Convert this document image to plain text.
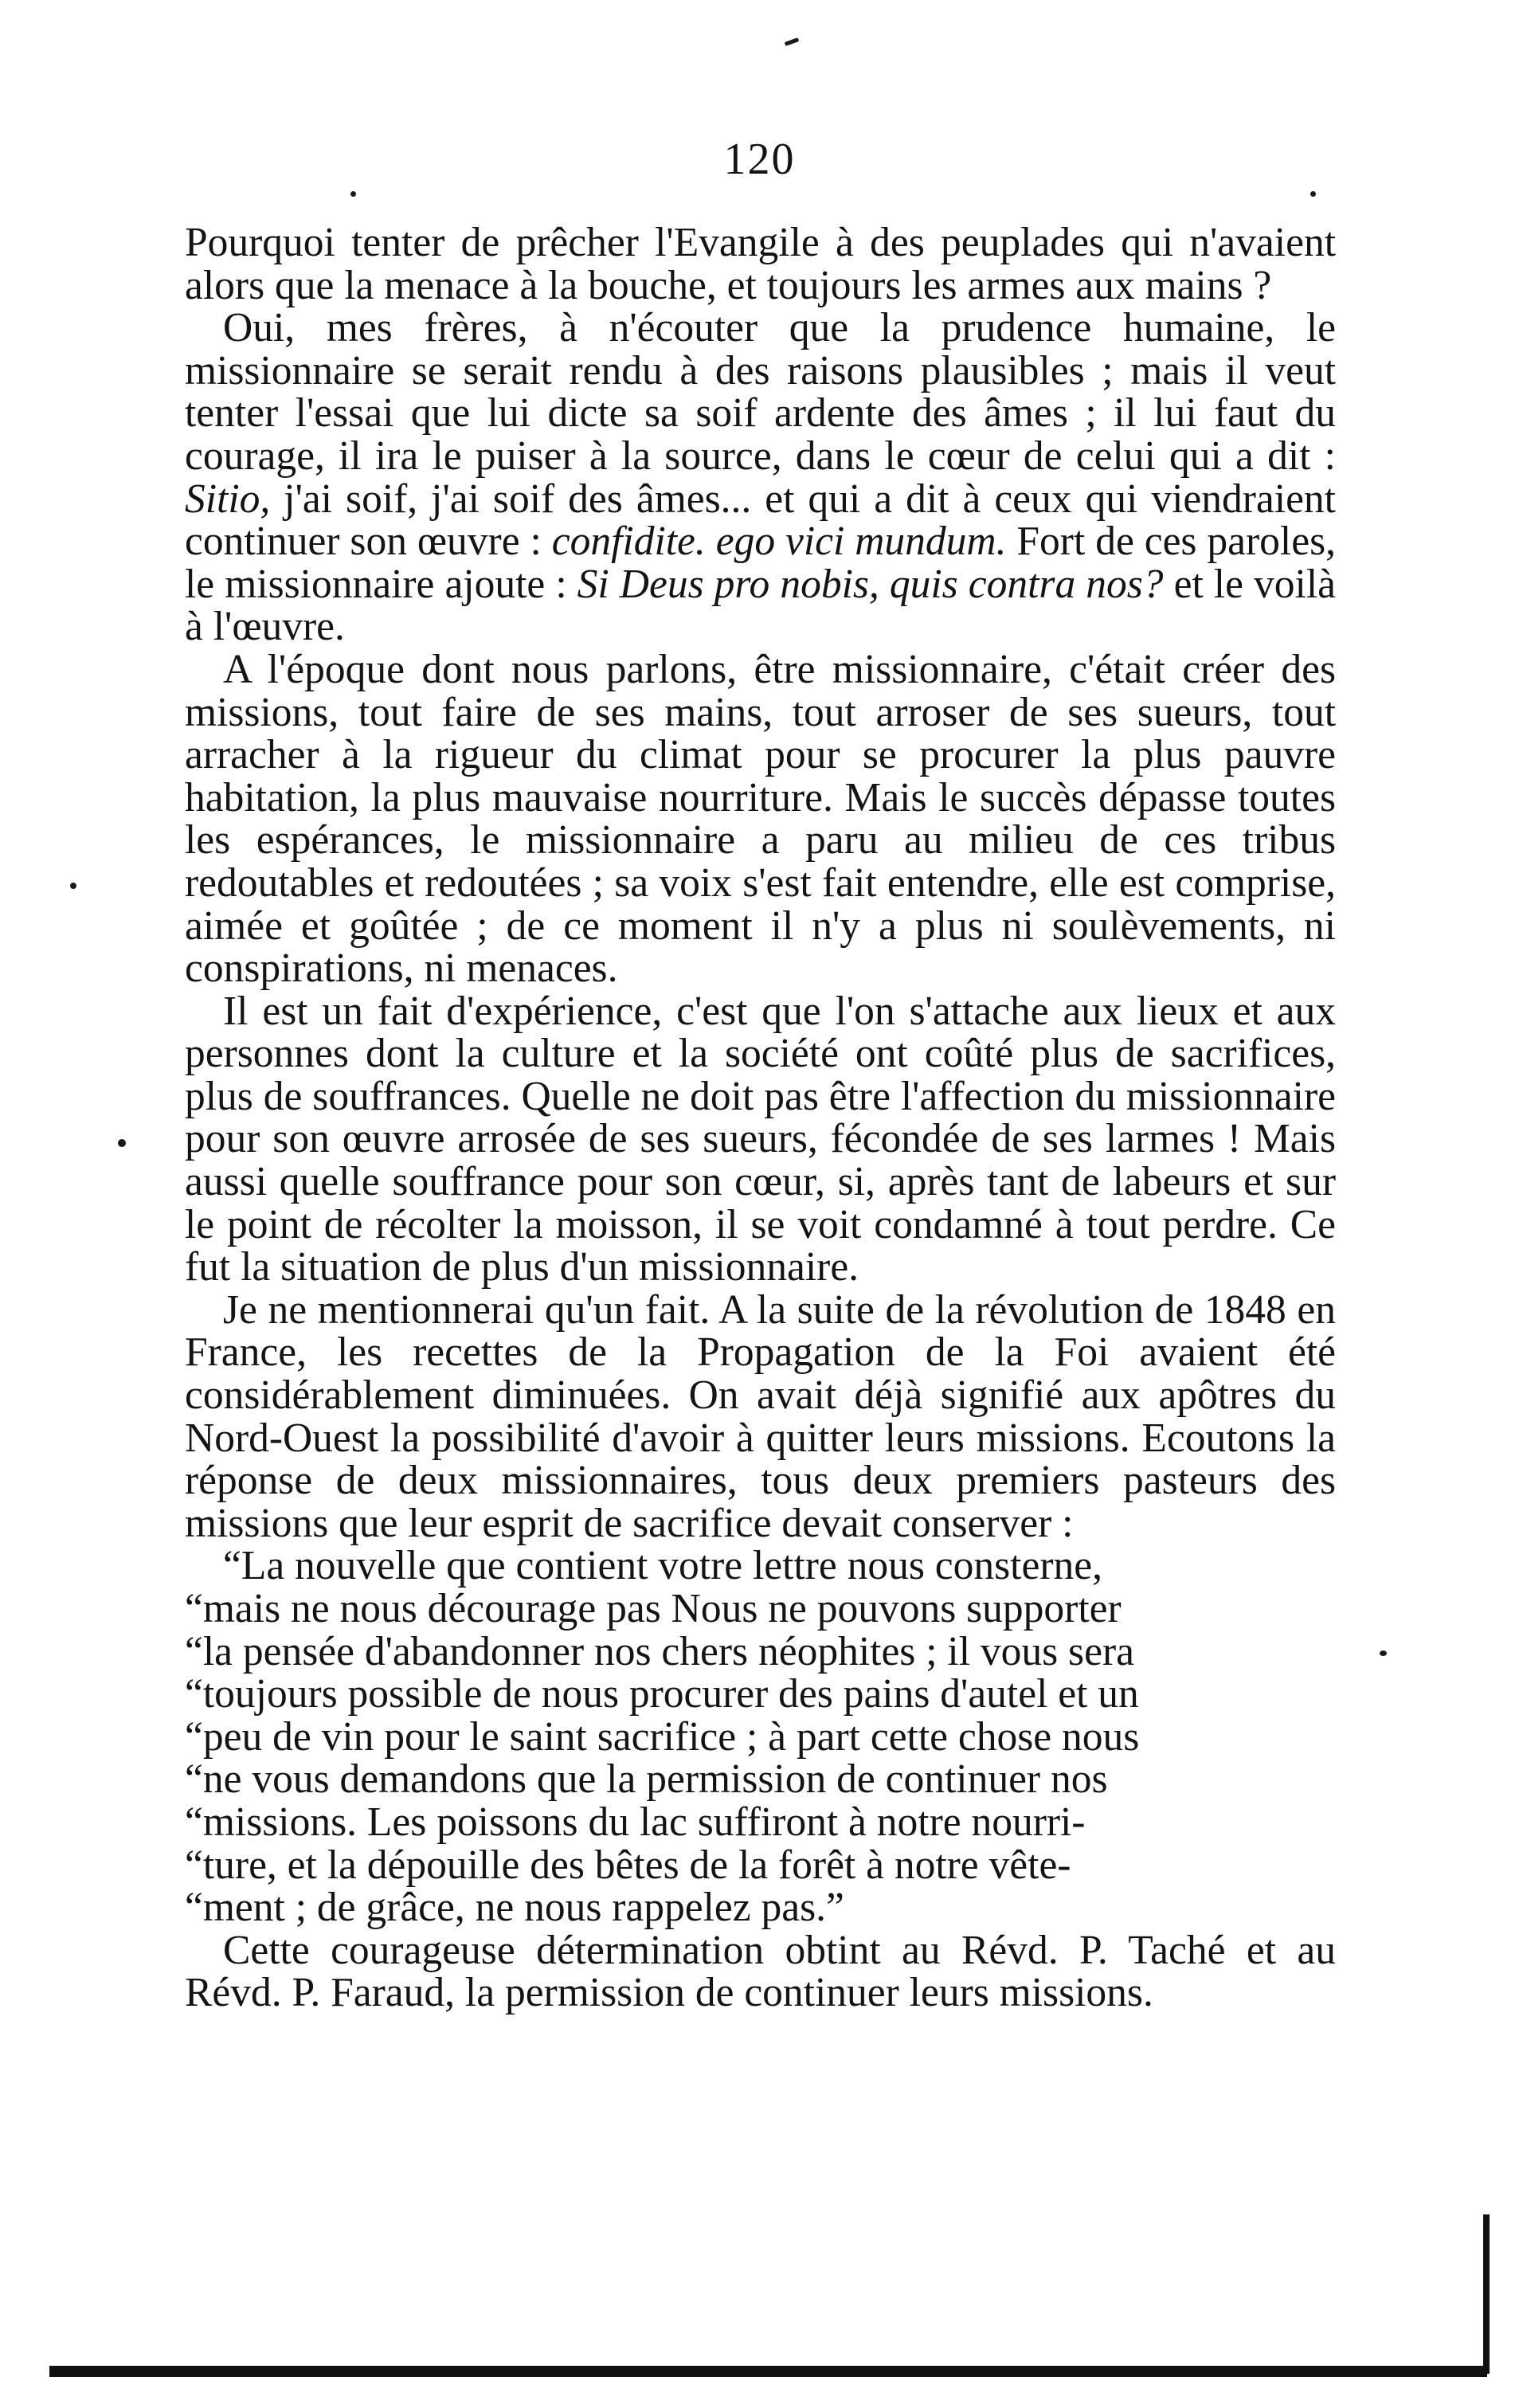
120

Pourquoi tenter de prêcher l'Evangile à des peuplades qui n'avaient alors que la menace à la bouche, et toujours les armes aux mains ?

Oui, mes frères, à n'écouter que la prudence humaine, le missionnaire se serait rendu à des raisons plausibles ; mais il veut tenter l'essai que lui dicte sa soif ardente des âmes ; il lui faut du courage, il ira le puiser à la source, dans le cœur de celui qui a dit : Sitio, j'ai soif, j'ai soif des âmes... et qui a dit à ceux qui viendraient continuer son œuvre : confidite. ego vici mundum. Fort de ces paroles, le missionnaire ajoute : Si Deus pro nobis, quis contra nos? et le voilà à l'œuvre.

A l'époque dont nous parlons, être missionnaire, c'était créer des missions, tout faire de ses mains, tout arroser de ses sueurs, tout arracher à la rigueur du climat pour se procurer la plus pauvre habitation, la plus mauvaise nourriture. Mais le succès dépasse toutes les espérances, le missionnaire a paru au milieu de ces tribus redoutables et redoutées ; sa voix s'est fait entendre, elle est comprise, aimée et goûtée ; de ce moment il n'y a plus ni soulèvements, ni conspirations, ni menaces.

Il est un fait d'expérience, c'est que l'on s'attache aux lieux et aux personnes dont la culture et la société ont coûté plus de sacrifices, plus de souffrances. Quelle ne doit pas être l'affection du missionnaire pour son œuvre arrosée de ses sueurs, fécondée de ses larmes ! Mais aussi quelle souffrance pour son cœur, si, après tant de labeurs et sur le point de récolter la moisson, il se voit condamné à tout perdre. Ce fut la situation de plus d'un missionnaire.

Je ne mentionnerai qu'un fait. A la suite de la révolution de 1848 en France, les recettes de la Propagation de la Foi avaient été considérablement diminuées. On avait déjà signifié aux apôtres du Nord-Ouest la possibilité d'avoir à quitter leurs missions. Ecoutons la réponse de deux missionnaires, tous deux premiers pasteurs des missions que leur esprit de sacrifice devait conserver :

“La nouvelle que contient votre lettre nous consterne,
“mais ne nous décourage pas Nous ne pouvons supporter
“la pensée d'abandonner nos chers néophites ; il vous sera
“toujours possible de nous procurer des pains d'autel et un
“peu de vin pour le saint sacrifice ; à part cette chose nous
“ne vous demandons que la permission de continuer nos
“missions. Les poissons du lac suffiront à notre nourri-
“ture, et la dépouille des bêtes de la forêt à notre vête-
“ment ; de grâce, ne nous rappelez pas.”

Cette courageuse détermination obtint au Révd. P. Taché et au Révd. P. Faraud, la permission de continuer leurs missions.
